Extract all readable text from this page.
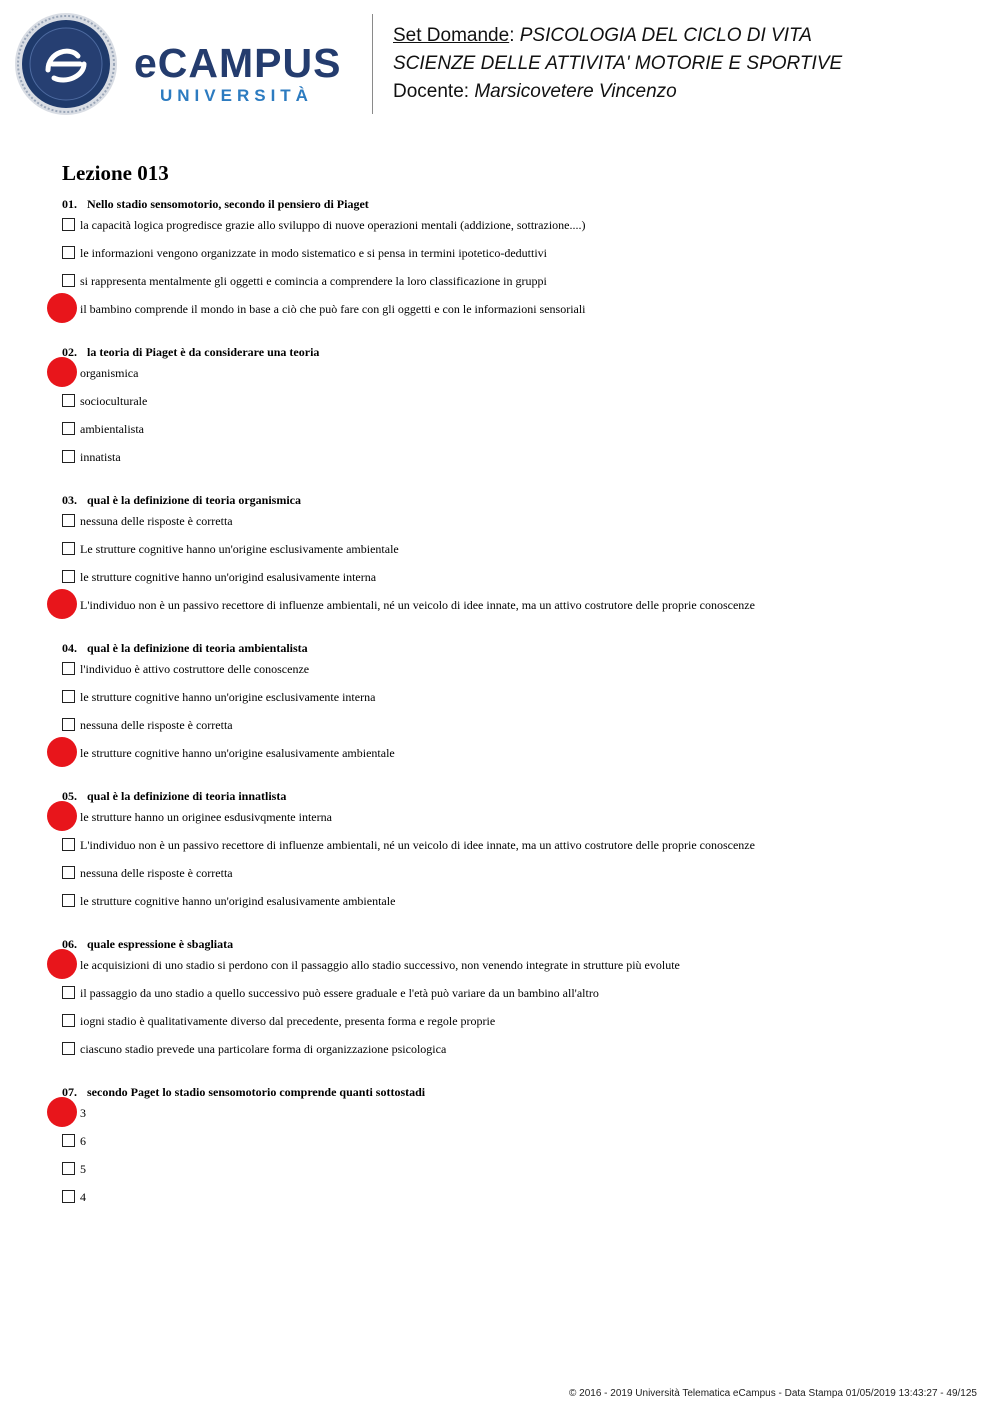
eCAMPUS
UNIVERSITÀ
Set Domande: PSICOLOGIA DEL CICLO DI VITA
SCIENZE DELLE ATTIVITA' MOTORIE E SPORTIVE
Docente: Marsicovetere Vincenzo
Lezione 013
01. Nello stadio sensomotorio, secondo il pensiero di Piaget
la capacità logica progredisce grazie allo sviluppo di nuove operazioni mentali (addizione, sottrazione....)
le informazioni vengono organizzate in modo sistematico e si pensa in termini ipotetico-deduttivi
si rappresenta mentalmente gli oggetti e comincia a comprendere la loro classificazione in gruppi
il bambino comprende il mondo in base a ciò che può fare con gli oggetti e con le informazioni sensoriali
02. la teoria di Piaget è da considerare una teoria
organismica
socioculturale
ambientalista
innatista
03. qual è la definizione di teoria organismica
nessuna delle risposte è corretta
Le strutture cognitive hanno un'origine esclusivamente ambientale
le strutture cognitive hanno un'origind esalusivamente interna
L'individuo non è un passivo recettore di influenze ambientali, né un veicolo di idee innate, ma un attivo costrutore delle proprie conoscenze
04. qual è la definizione di teoria ambientalista
l'individuo è attivo costruttore delle conoscenze
le strutture cognitive hanno un'origine esclusivamente interna
nessuna delle risposte è corretta
le strutture cognitive hanno un'origine esalusivamente ambientale
05. qual è la definizione di teoria innatlista
le strutture hanno un originee esdusivqmente interna
L'individuo non è un passivo recettore di influenze ambientali, né un veicolo di idee innate, ma un attivo costrutore delle proprie conoscenze
nessuna delle risposte è corretta
le strutture cognitive hanno un'origind esalusivamente ambientale
06. quale espressione è sbagliata
le acquisizioni di uno stadio si perdono con il passaggio allo stadio successivo, non venendo integrate in strutture più evolute
il passaggio da uno stadio a quello successivo può essere graduale e l'età può variare da un bambino all'altro
iogni stadio è qualitativamente diverso dal precedente, presenta forma e regole proprie
ciascuno stadio prevede una particolare forma di organizzazione psicologica
07. secondo Paget lo stadio sensomotorio comprende quanti sottostadi
3
6
5
4
© 2016 - 2019 Università Telematica eCampus - Data Stampa 01/05/2019 13:43:27 - 49/125
